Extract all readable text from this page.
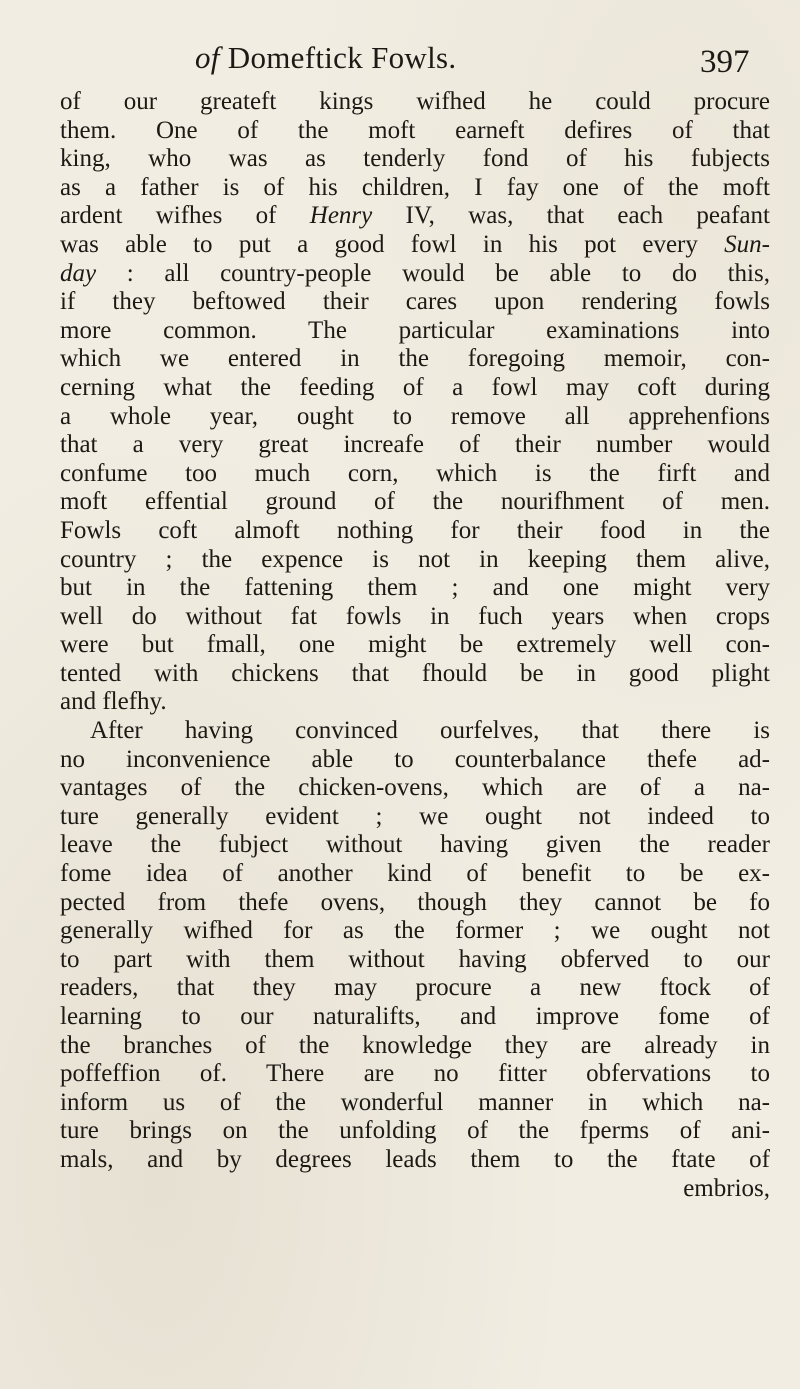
of Domeftick Fowls.	397
of our greateft kings wifhed he could procure
them. One of the moft earneft defires of that
king, who was as tenderly fond of his fubjects
as a father is of his children, I fay one of the moft
ardent wifhes of Henry IV, was, that each peafant
was able to put a good fowl in his pot every Sun-
day : all country-people would be able to do this,
if they beftowed their cares upon rendering fowls
more common. The particular examinations into
which we entered in the foregoing memoir, con-
cerning what the feeding of a fowl may coft during
a whole year, ought to remove all apprehenfions
that a very great increafe of their number would
confume too much corn, which is the firft and
moft effential ground of the nourifhment of men.
Fowls coft almoft nothing for their food in the
country ; the expence is not in keeping them alive,
but in the fattening them ; and one might very
well do without fat fowls in fuch years when crops
were but fmall, one might be extremely well con-
tented with chickens that fhould be in good plight
and flefhy.
After having convinced ourfelves, that there is
no inconvenience able to counterbalance thefe ad-
vantages of the chicken-ovens, which are of a na-
ture generally evident ; we ought not indeed to
leave the fubject without having given the reader
fome idea of another kind of benefit to be ex-
pected from thefe ovens, though they cannot be fo
generally wifhed for as the former ; we ought not
to part with them without having obferved to our
readers, that they may procure a new ftock of
learning to our naturalifts, and improve fome of
the branches of the knowledge they are already in
poffeffion of. There are no fitter obfervations to
inform us of the wonderful manner in which na-
ture brings on the unfolding of the fperms of ani-
mals, and by degrees leads them to the ftate of
embrios,
